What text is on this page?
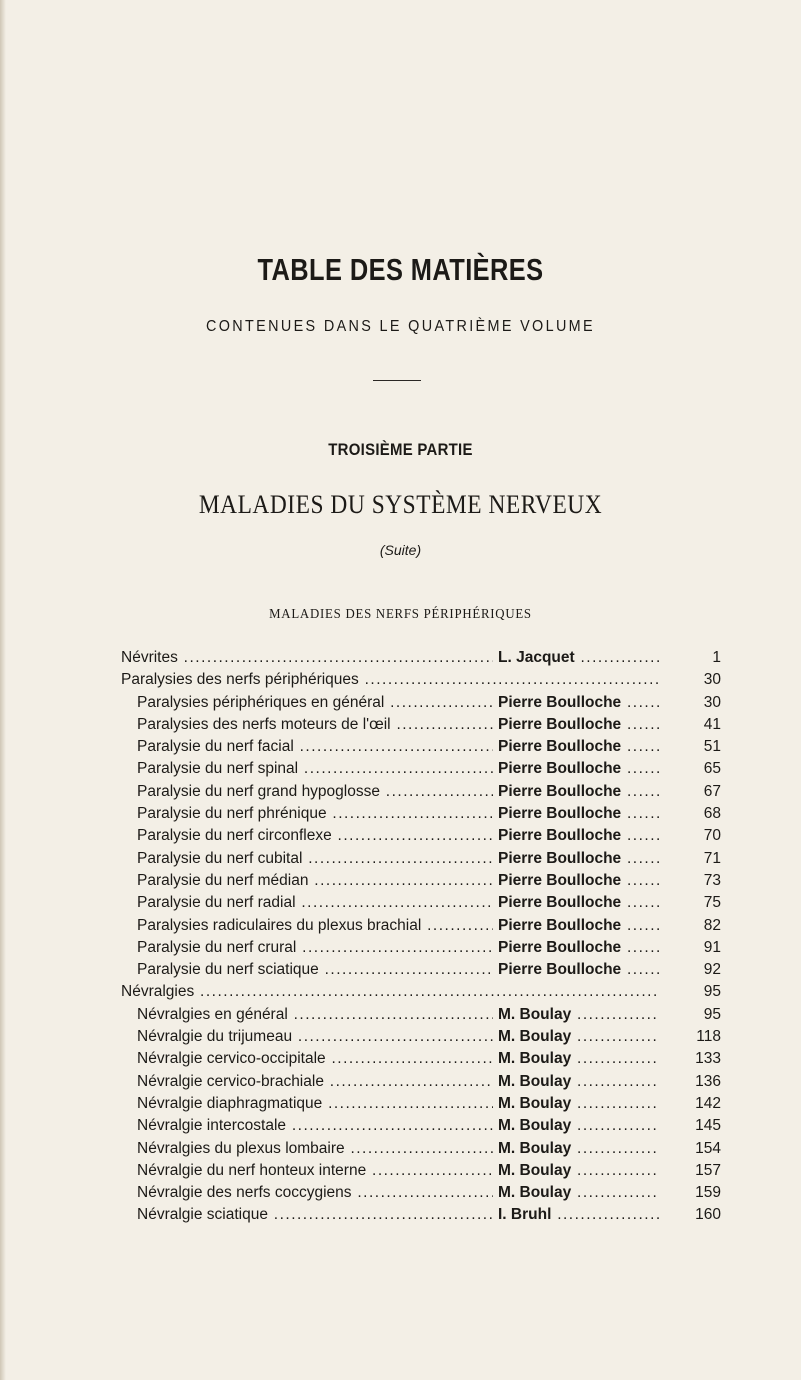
TABLE DES MATIÈRES
CONTENUES DANS LE QUATRIÈME VOLUME
TROISIÈME PARTIE
MALADIES DU SYSTÈME NERVEUX
(Suite)
MALADIES DES NERFS PÉRIPHÉRIQUES
Névrites .....	L. Jacquet .....	1
Paralysies des nerfs périphériques .....	30
Paralysies périphériques en général .....	Pierre Boulloche .....	30
Paralysies des nerfs moteurs de l'œil .....	Pierre Boulloche .....	41
Paralysie du nerf facial .....	Pierre Boulloche .....	51
Paralysie du nerf spinal .....	Pierre Boulloche .....	65
Paralysie du nerf grand hypoglosse .....	Pierre Boulloche .....	67
Paralysie du nerf phrénique .....	Pierre Boulloche .....	68
Paralysie du nerf circonflexe .....	Pierre Boulloche .....	70
Paralysie du nerf cubital .....	Pierre Boulloche .....	71
Paralysie du nerf médian .....	Pierre Boulloche .....	73
Paralysie du nerf radial .....	Pierre Boulloche .....	75
Paralysies radiculaires du plexus brachial .....	Pierre Boulloche .....	82
Paralysie du nerf crural .....	Pierre Boulloche .....	91
Paralysie du nerf sciatique .....	Pierre Boulloche .....	92
Névralgies .....	95
Névralgies en général .....	M. Boulay .....	95
Névralgie du trijumeau .....	M. Boulay .....	118
Névralgie cervico-occipitale .....	M. Boulay .....	133
Névralgie cervico-brachiale .....	M. Boulay .....	136
Névralgie diaphragmatique .....	M. Boulay .....	142
Névralgie intercostale .....	M. Boulay .....	145
Névralgies du plexus lombaire .....	M. Boulay .....	154
Névralgie du nerf honteux interne .....	M. Boulay .....	157
Névralgie des nerfs coccygiens .....	M. Boulay .....	159
Névralgie sciatique .....	I. Bruhl .....	160
